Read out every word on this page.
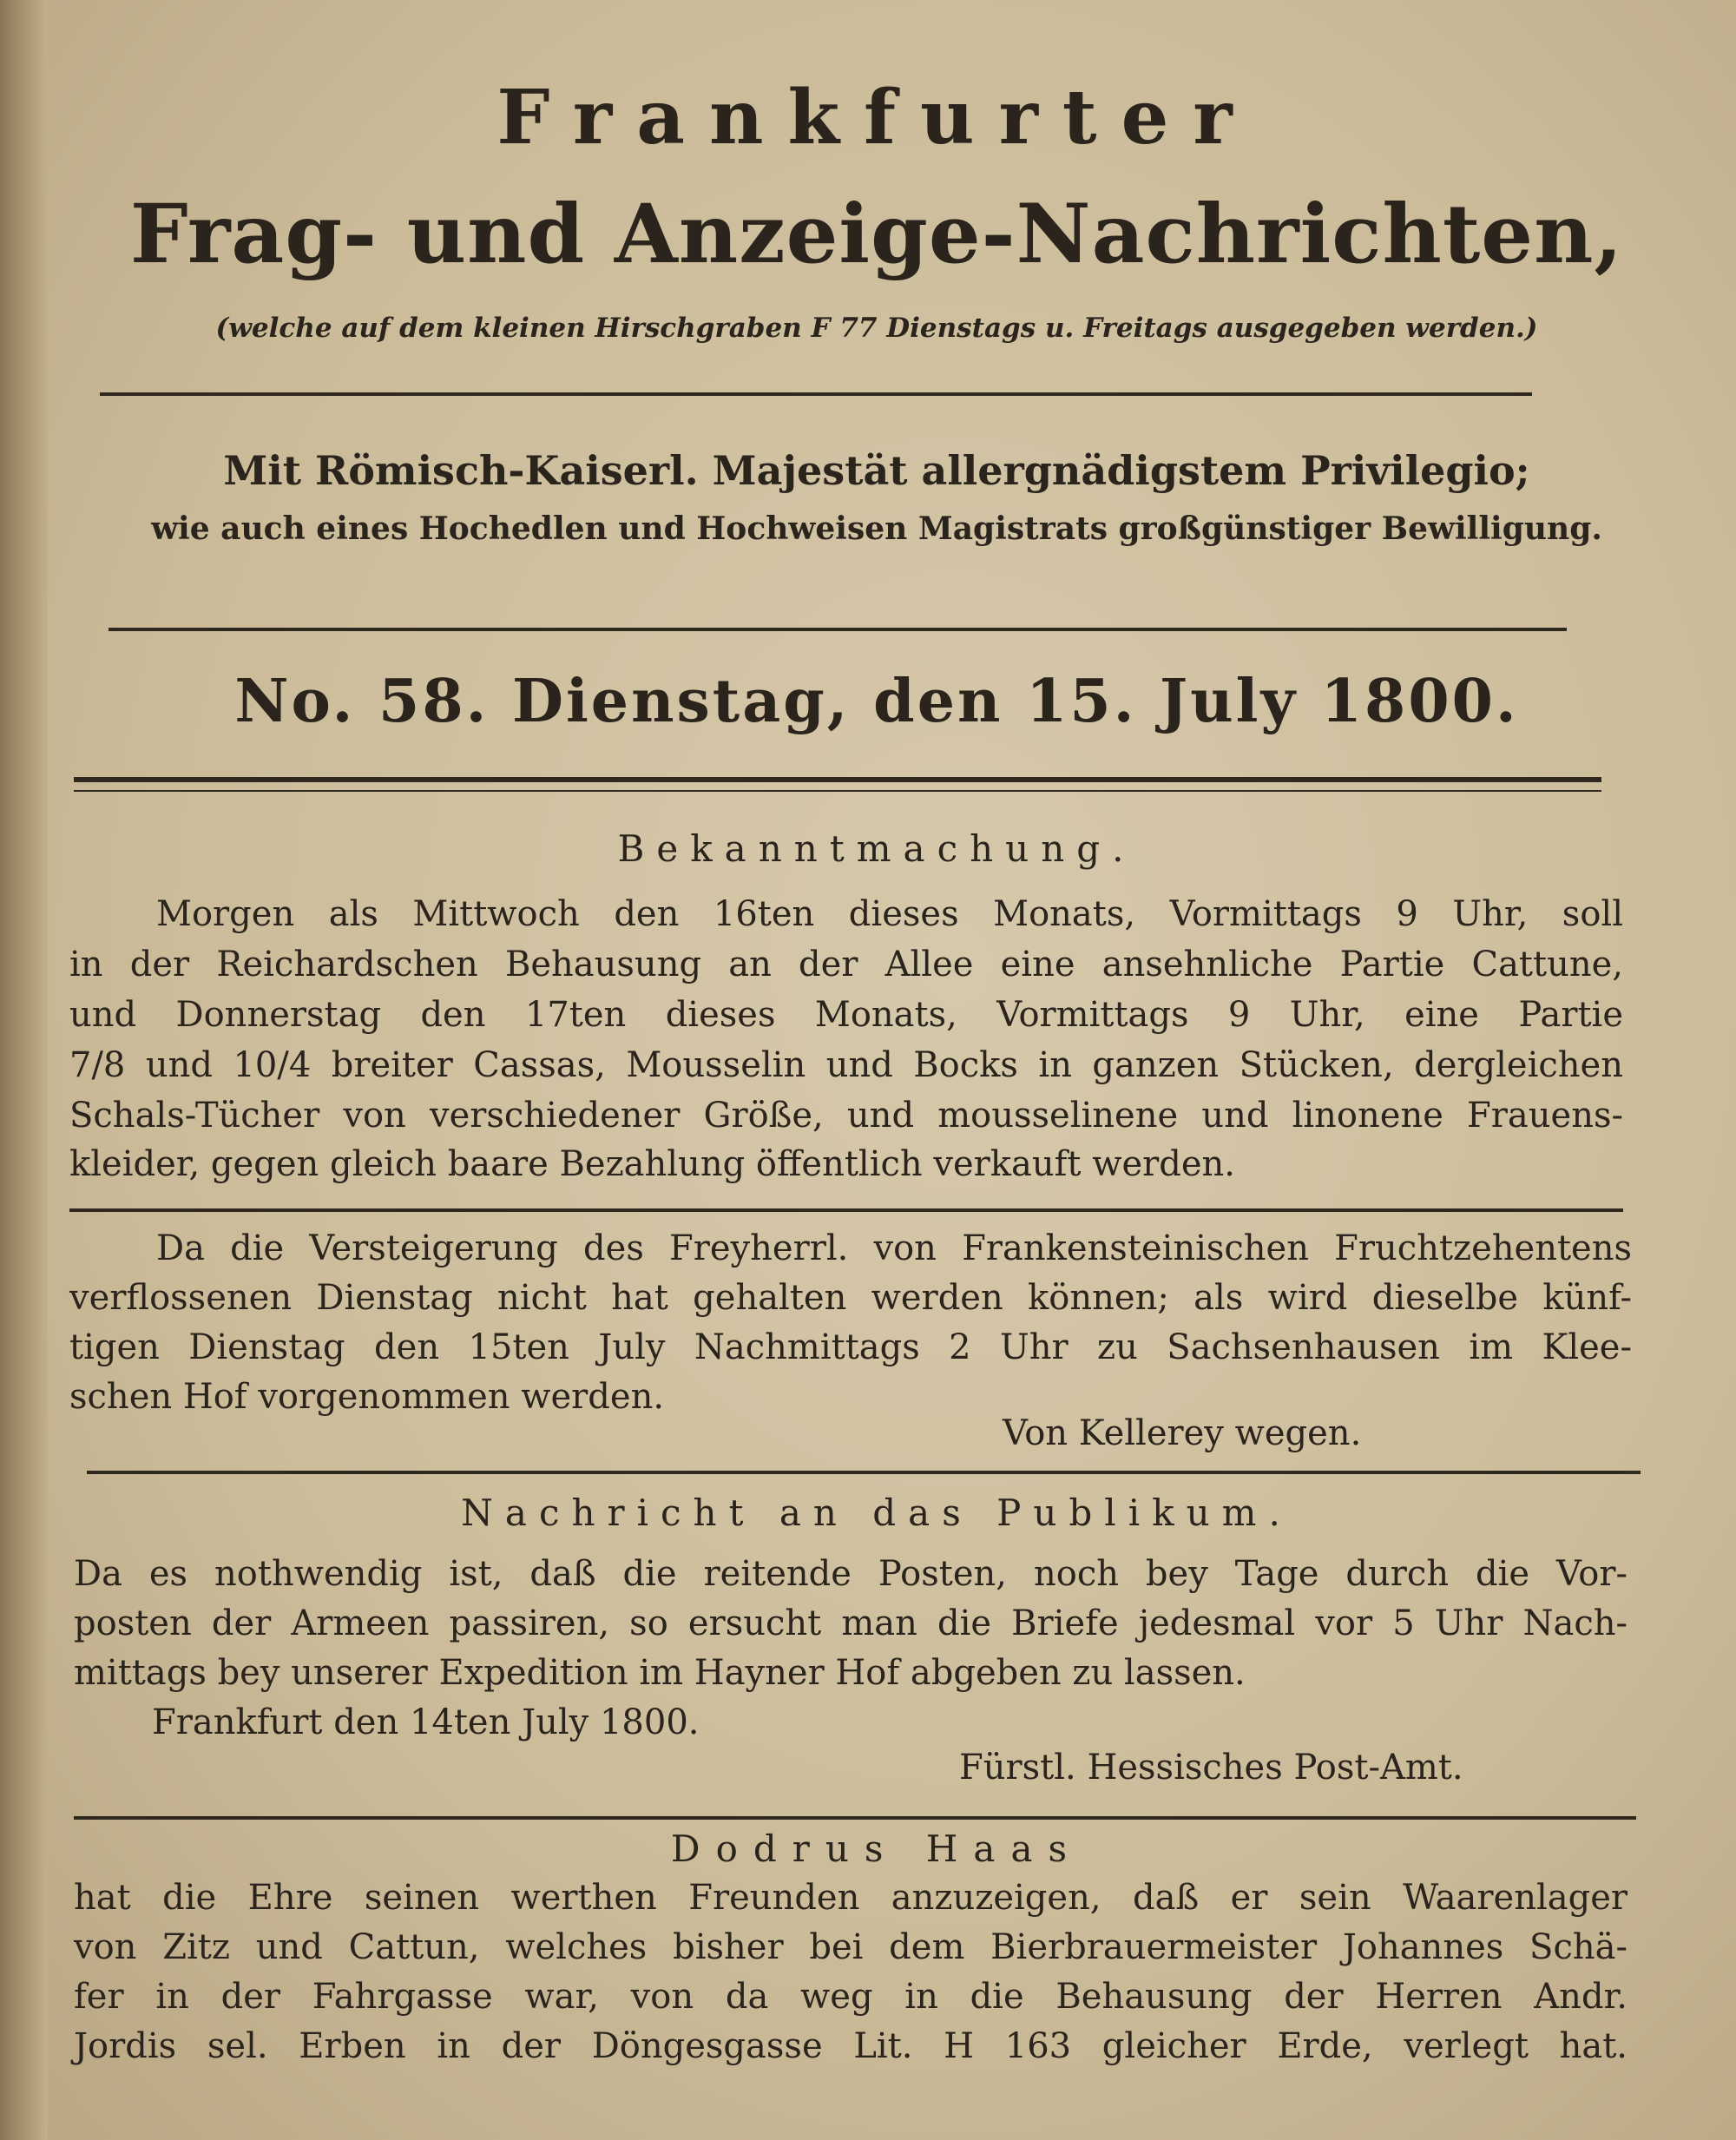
Frankfurter
Frag- und Anzeige-Nachrichten,
(welche auf dem kleinen Hirschgraben F 77 Dienstags u. Freitags ausgegeben werden.)
Mit Römisch-Kaiserl. Majestät allergnädigstem Privilegio;
wie auch eines Hochedlen und Hochweisen Magistrats großgünstiger Bewilligung.
No. 58. Dienstag, den 15. July 1800.
Bekanntmachung.
Morgen als Mittwoch den 16ten dieses Monats, Vormittags 9 Uhr, soll
in der Reichardschen Behausung an der Allee eine ansehnliche Partie Cattune,
und Donnerstag den 17ten dieses Monats, Vormittags 9 Uhr, eine Partie
7/8 und 10/4 breiter Cassas, Mousselin und Bocks in ganzen Stücken, dergleichen
Schals-Tücher von verschiedener Größe, und mousselinene und linonene Frauens-
kleider, gegen gleich baare Bezahlung öffentlich verkauft werden.
Da die Versteigerung des Freyherrl. von Frankensteinischen Fruchtzehentens
verflossenen Dienstag nicht hat gehalten werden können; als wird dieselbe künf-
tigen Dienstag den 15ten July Nachmittags 2 Uhr zu Sachsenhausen im Klee-
schen Hof vorgenommen werden.
Von Kellerey wegen.
Nachricht an das Publikum.
Da es nothwendig ist, daß die reitende Posten, noch bey Tage durch die Vor-
posten der Armeen passiren, so ersucht man die Briefe jedesmal vor 5 Uhr Nach-
mittags bey unserer Expedition im Hayner Hof abgeben zu lassen.
Frankfurt den 14ten July 1800.
Fürstl. Hessisches Post-Amt.
Dodrus Haas
hat die Ehre seinen werthen Freunden anzuzeigen, daß er sein Waarenlager
von Zitz und Cattun, welches bisher bei dem Bierbrauermeister Johannes Schä-
fer in der Fahrgasse war, von da weg in die Behausung der Herren Andr.
Jordis sel. Erben in der Döngesgasse Lit. H 163 gleicher Erde, verlegt hat.
